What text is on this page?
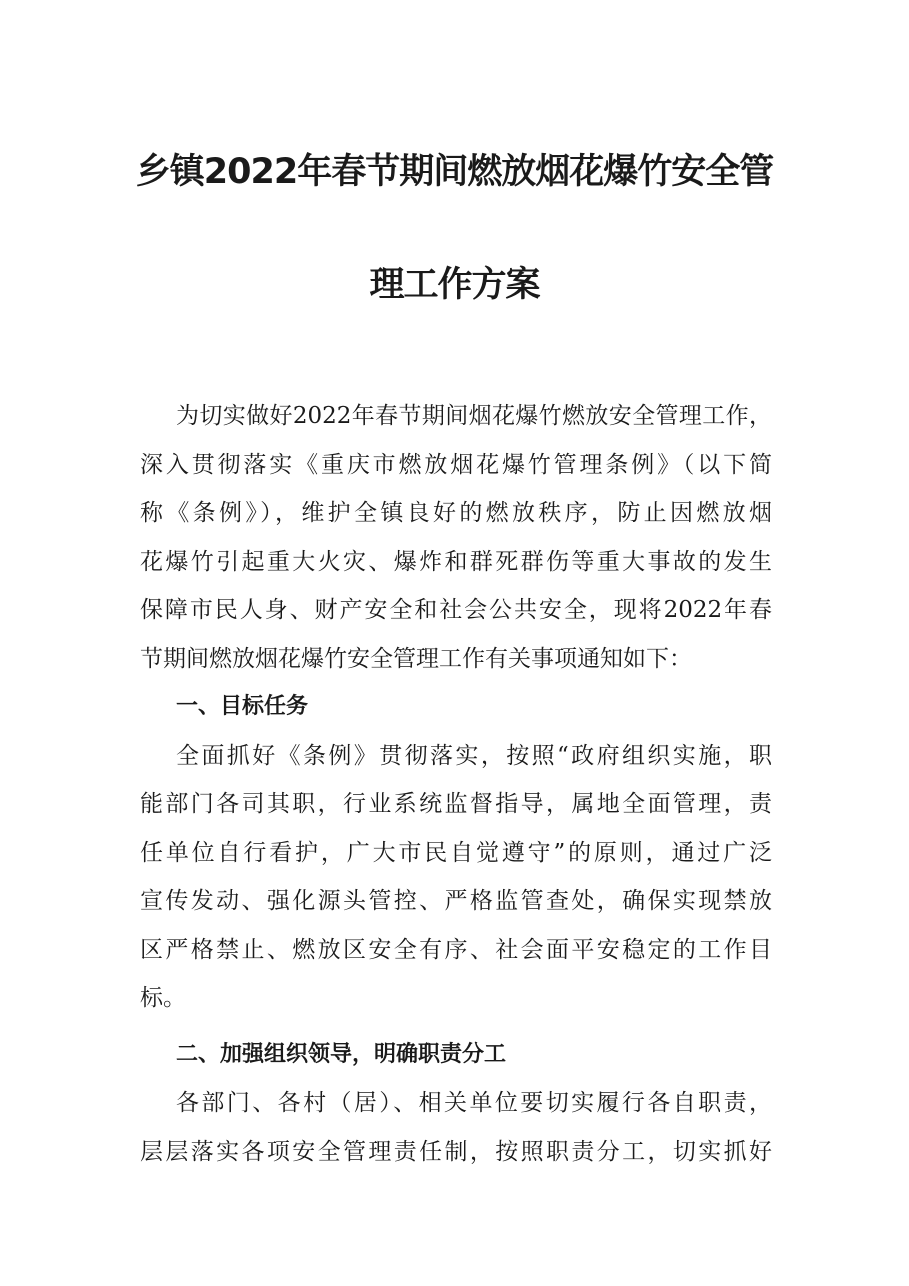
乡镇2022年春节期间燃放烟花爆竹安全管
理工作方案
为切实做好2022年春节期间烟花爆竹燃放安全管理工作，
深入贯彻落实《重庆市燃放烟花爆竹管理条例》（以下简
称《条例》），维护全镇良好的燃放秩序，防止因燃放烟
花爆竹引起重大火灾、爆炸和群死群伤等重大事故的发生
保障市民人身、财产安全和社会公共安全，现将2022年春
节期间燃放烟花爆竹安全管理工作有关事项通知如下：
一、目标任务
全面抓好《条例》贯彻落实，按照“政府组织实施，职
能部门各司其职，行业系统监督指导，属地全面管理，责
任单位自行看护，广大市民自觉遵守”的原则，通过广泛
宣传发动、强化源头管控、严格监管查处，确保实现禁放
区严格禁止、燃放区安全有序、社会面平安稳定的工作目
标。
二、加强组织领导，明确职责分工
各部门、各村（居）、相关单位要切实履行各自职责，
层层落实各项安全管理责任制，按照职责分工，切实抓好
